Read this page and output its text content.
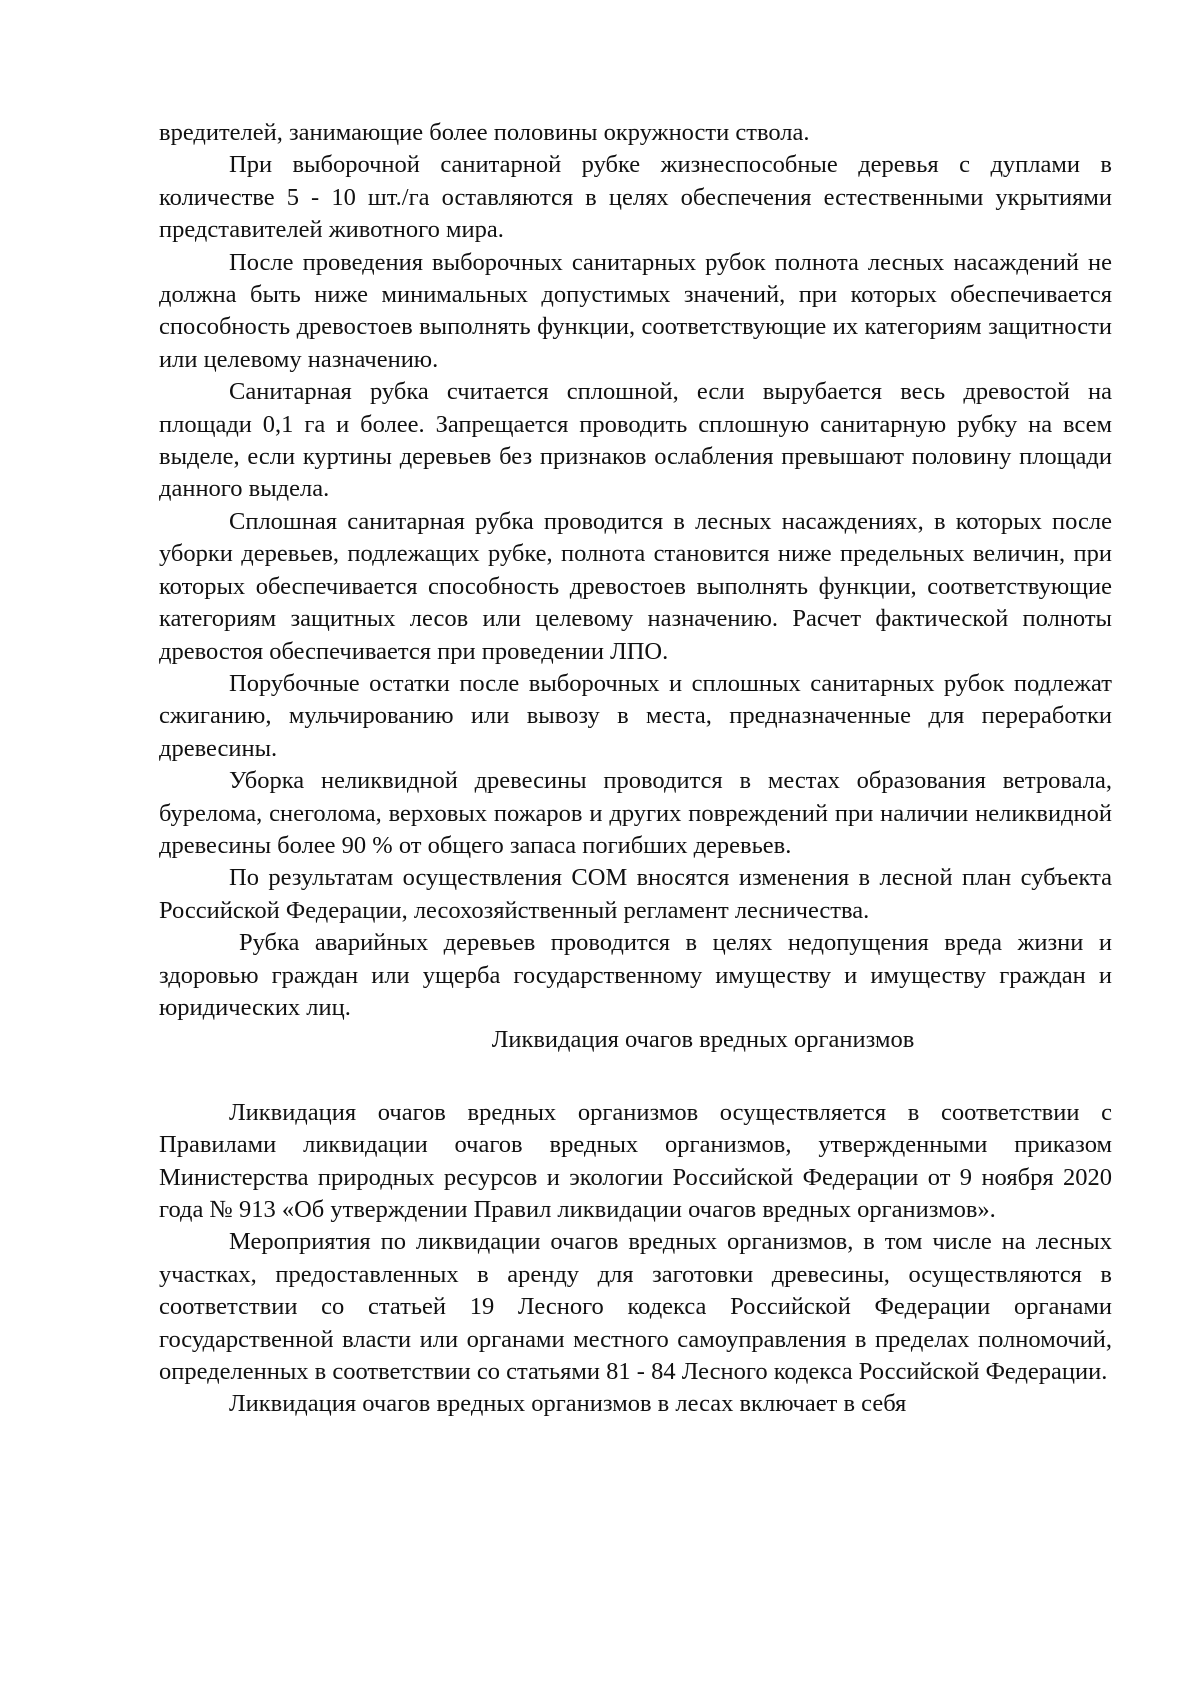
вредителей, занимающие более половины окружности ствола.

При выборочной санитарной рубке жизнеспособные деревья с дуплами в количестве 5 - 10 шт./га оставляются в целях обеспечения естественными укрытиями представителей животного мира.

После проведения выборочных санитарных рубок полнота лесных насаждений не должна быть ниже минимальных допустимых значений, при которых обеспечивается способность древостоев выполнять функции, соответствующие их категориям защитности или целевому назначению.

Санитарная рубка считается сплошной, если вырубается весь древостой на площади 0,1 га и более. Запрещается проводить сплошную санитарную рубку на всем выделе, если куртины деревьев без признаков ослабления превышают половину площади данного выдела.

Сплошная санитарная рубка проводится в лесных насаждениях, в которых после уборки деревьев, подлежащих рубке, полнота становится ниже предельных величин, при которых обеспечивается способность древостоев выполнять функции, соответствующие категориям защитных лесов или целевому назначению. Расчет фактической полноты древостоя обеспечивается при проведении ЛПО.

Порубочные остатки после выборочных и сплошных санитарных рубок подлежат сжиганию, мульчированию или вывозу в места, предназначенные для переработки древесины.

Уборка неликвидной древесины проводится в местах образования ветровала, бурелома, снеголома, верховых пожаров и других повреждений при наличии неликвидной древесины более 90 % от общего запаса погибших деревьев.

По результатам осуществления СОМ вносятся изменения в лесной план субъекта Российской Федерации, лесохозяйственный регламент лесничества.

Рубка аварийных деревьев проводится в целях недопущения вреда жизни и здоровью граждан или ущерба государственному имуществу и имуществу граждан и юридических лиц.

Ликвидация очагов вредных организмов

Ликвидация очагов вредных организмов осуществляется в соответствии с Правилами ликвидации очагов вредных организмов, утвержденными приказом Министерства природных ресурсов и экологии Российской Федерации от 9 ноября 2020 года № 913 «Об утверждении Правил ликвидации очагов вредных организмов».

Мероприятия по ликвидации очагов вредных организмов, в том числе на лесных участках, предоставленных в аренду для заготовки древесины, осуществляются в соответствии со статьей 19 Лесного кодекса Российской Федерации органами государственной власти или органами местного самоуправления в пределах полномочий, определенных в соответствии со статьями 81 - 84 Лесного кодекса Российской Федерации.

Ликвидация очагов вредных организмов в лесах включает в себя
